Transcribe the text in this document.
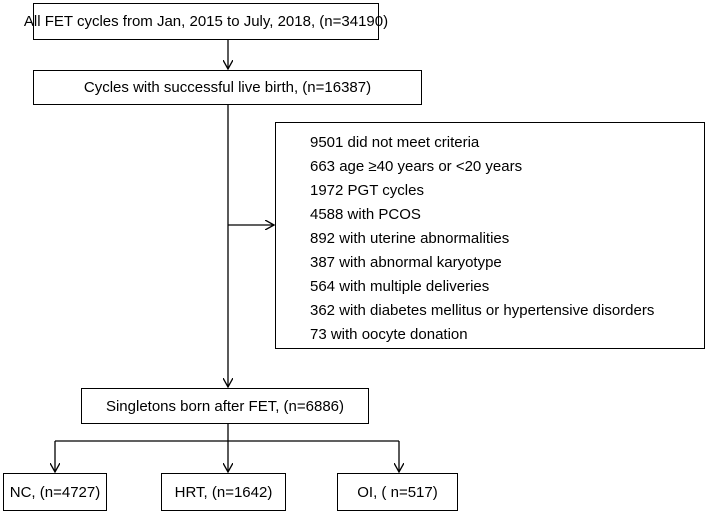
All FET cycles from Jan, 2015 to July, 2018, (n=34190)
Cycles with successful live birth, (n=16387)
9501 did not meet criteria
663 age ≥40 years or <20 years
1972 PGT cycles
4588 with PCOS
892 with uterine abnormalities
387 with abnormal karyotype
564 with multiple deliveries
362 with diabetes mellitus or hypertensive disorders
73 with oocyte donation
Singletons born after FET, (n=6886)
NC, (n=4727)	HRT, (n=1642)	OI, ( n=517)
